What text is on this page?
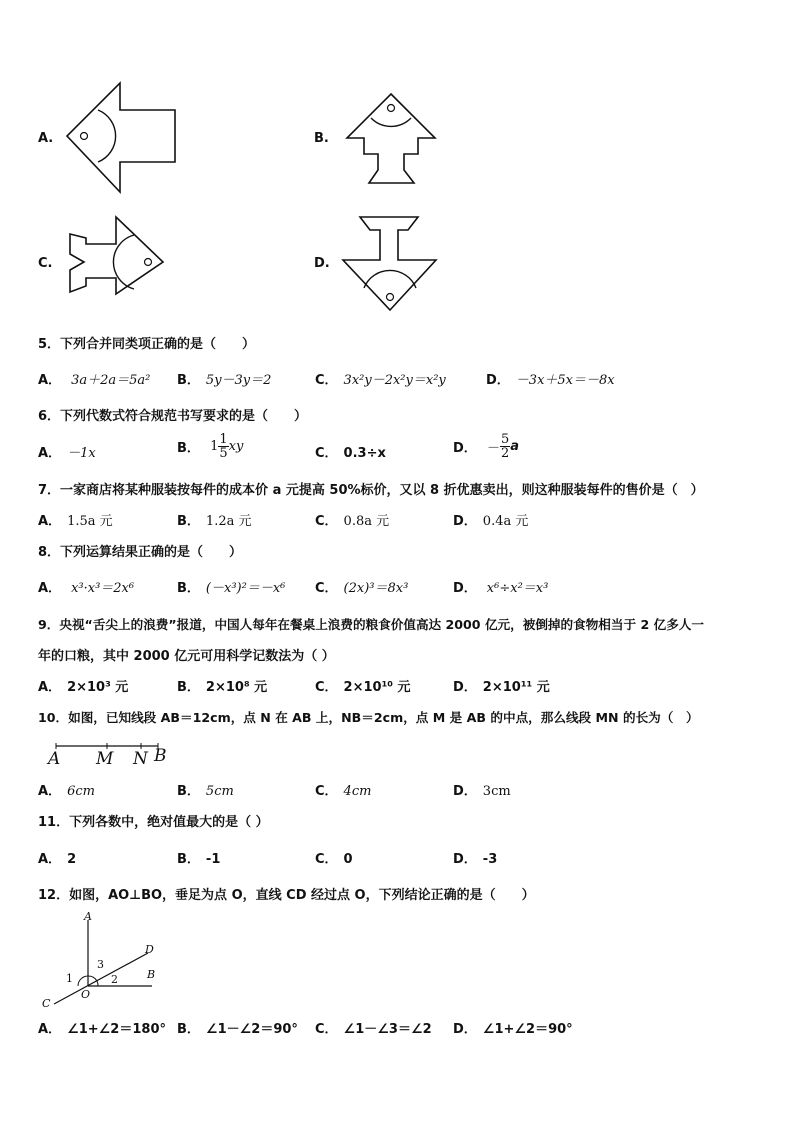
A.	B.
C.	D.
5．下列合并同类项正确的是（　　）
A． 3a＋2a＝5a² B． 5y－3y＝2	C． 3x²y－2x²y＝x²y	D． －3x＋5x＝－8x
6．下列代数式符合规范书写要求的是（　　）
A． －1x	B． $1 \frac{1}{5}$ xy	C． 0.3÷x	D． － $\frac{5}{2}$ a
7．一家商店将某种服装按每件的成本价 a 元提高 50%标价，又以 8 折优惠卖出，则这种服装每件的售价是（　）
A． 1.5a 元	B． 1.2a 元	C． 0.8a 元	D． 0.4a 元
8．下列运算结果正确的是（　　）
A． x³·x³＝2x⁶	B． (－x³)²＝－x⁶ C． (2x)³＝8x³	D． x⁶÷x²＝x³
9．央视“舌尖上的浪费”报道，中国人每年在餐桌上浪费的粮食价值高达 2000 亿元，被倒掉的食物相当于 2 亿多人一
年的口粮，其中 2000 亿元可用科学记数法为（ ）
A． 2×10³ 元	B． 2×10⁸ 元	C． 2×10¹⁰ 元	D． 2×10¹¹ 元
10．如图，已知线段 AB＝12cm，点 N 在 AB 上，NB＝2cm，点 M 是 AB 的中点，那么线段 MN 的长为（　）
A M N B
A． 6cm	B． 5cm	C． 4cm	D． 3cm
11．下列各数中，绝对值最大的是（ ）
A． 2	B． -1	C． 0	D． -3
12．如图，AO⊥BO，垂足为点 O，直线 CD 经过点 O，下列结论正确的是（　　）
A
D
B
C
O
1	2
3
A． ∠1+∠2＝180° B． ∠1－∠2＝90° C． ∠1－∠3＝∠2 D． ∠1+∠2＝90°
